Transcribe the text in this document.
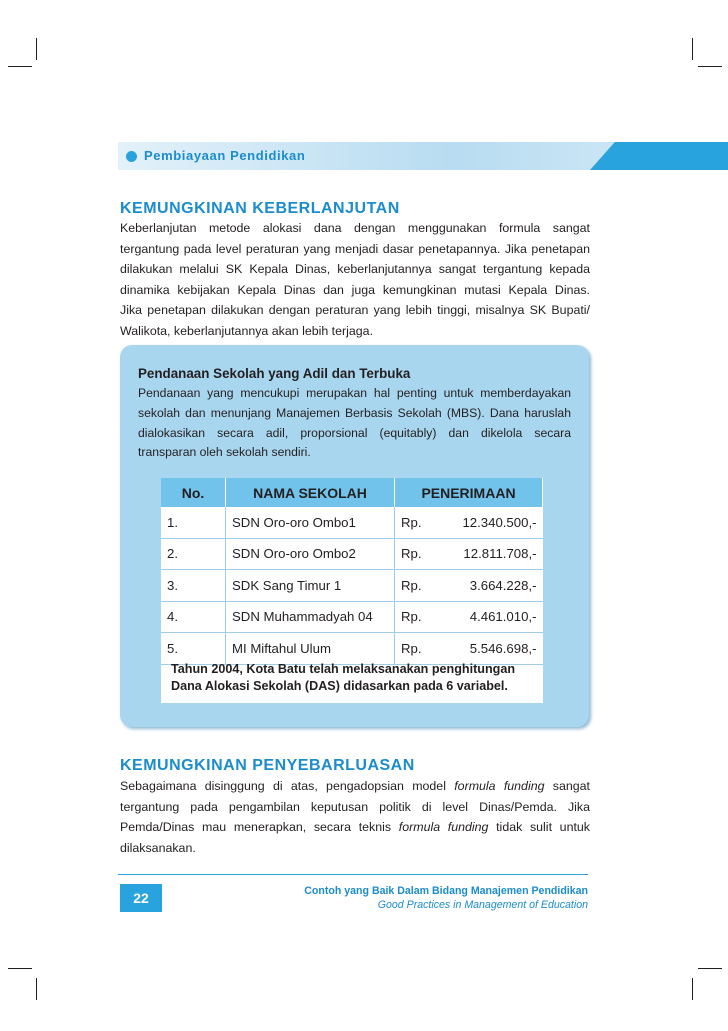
Pembiayaan Pendidikan
KEMUNGKINAN KEBERLANJUTAN
Keberlanjutan metode alokasi dana dengan menggunakan formula sangat
tergantung pada level peraturan yang menjadi dasar penetapannya. Jika penetapan
dilakukan melalui SK Kepala Dinas, keberlanjutannya sangat tergantung kepada
dinamika kebijakan Kepala Dinas dan juga kemungkinan mutasi Kepala Dinas.
Jika penetapan dilakukan dengan peraturan yang lebih tinggi, misalnya SK Bupati/
Walikota, keberlanjutannya akan lebih terjaga.
Pendanaan Sekolah yang Adil dan Terbuka
Pendanaan yang mencukupi merupakan hal penting untuk memberdayakan
sekolah dan menunjang Manajemen Berbasis Sekolah (MBS). Dana haruslah
dialokasikan secara adil, proporsional (equitably) dan dikelola secara
transparan oleh sekolah sendiri.
No.	NAMA SEKOLAH	PENERIMAAN	
1.	SDN Oro-oro Ombo1	Rp.	12.340.500,-
2.	SDN Oro-oro Ombo2	Rp.	12.811.708,-
3.	SDK Sang Timur 1	Rp.	3.664.228,-
4.	SDN Muhammadyah 04	Rp.	4.461.010,-
5.	MI Miftahul Ulum	Rp.	5.546.698,-
Tahun 2004, Kota Batu telah melaksanakan penghitungan
Dana Alokasi Sekolah (DAS) didasarkan pada 6 variabel.
KEMUNGKINAN PENYEBARLUASAN
Sebagaimana disinggung di atas, pengadopsian model formula funding sangat
tergantung pada pengambilan keputusan politik di level Dinas/Pemda. Jika
Pemda/Dinas mau menerapkan, secara teknis formula funding tidak sulit untuk
dilaksanakan.
22	Contoh yang Baik Dalam Bidang Manajemen Pendidikan
Good Practices in Management of Education
